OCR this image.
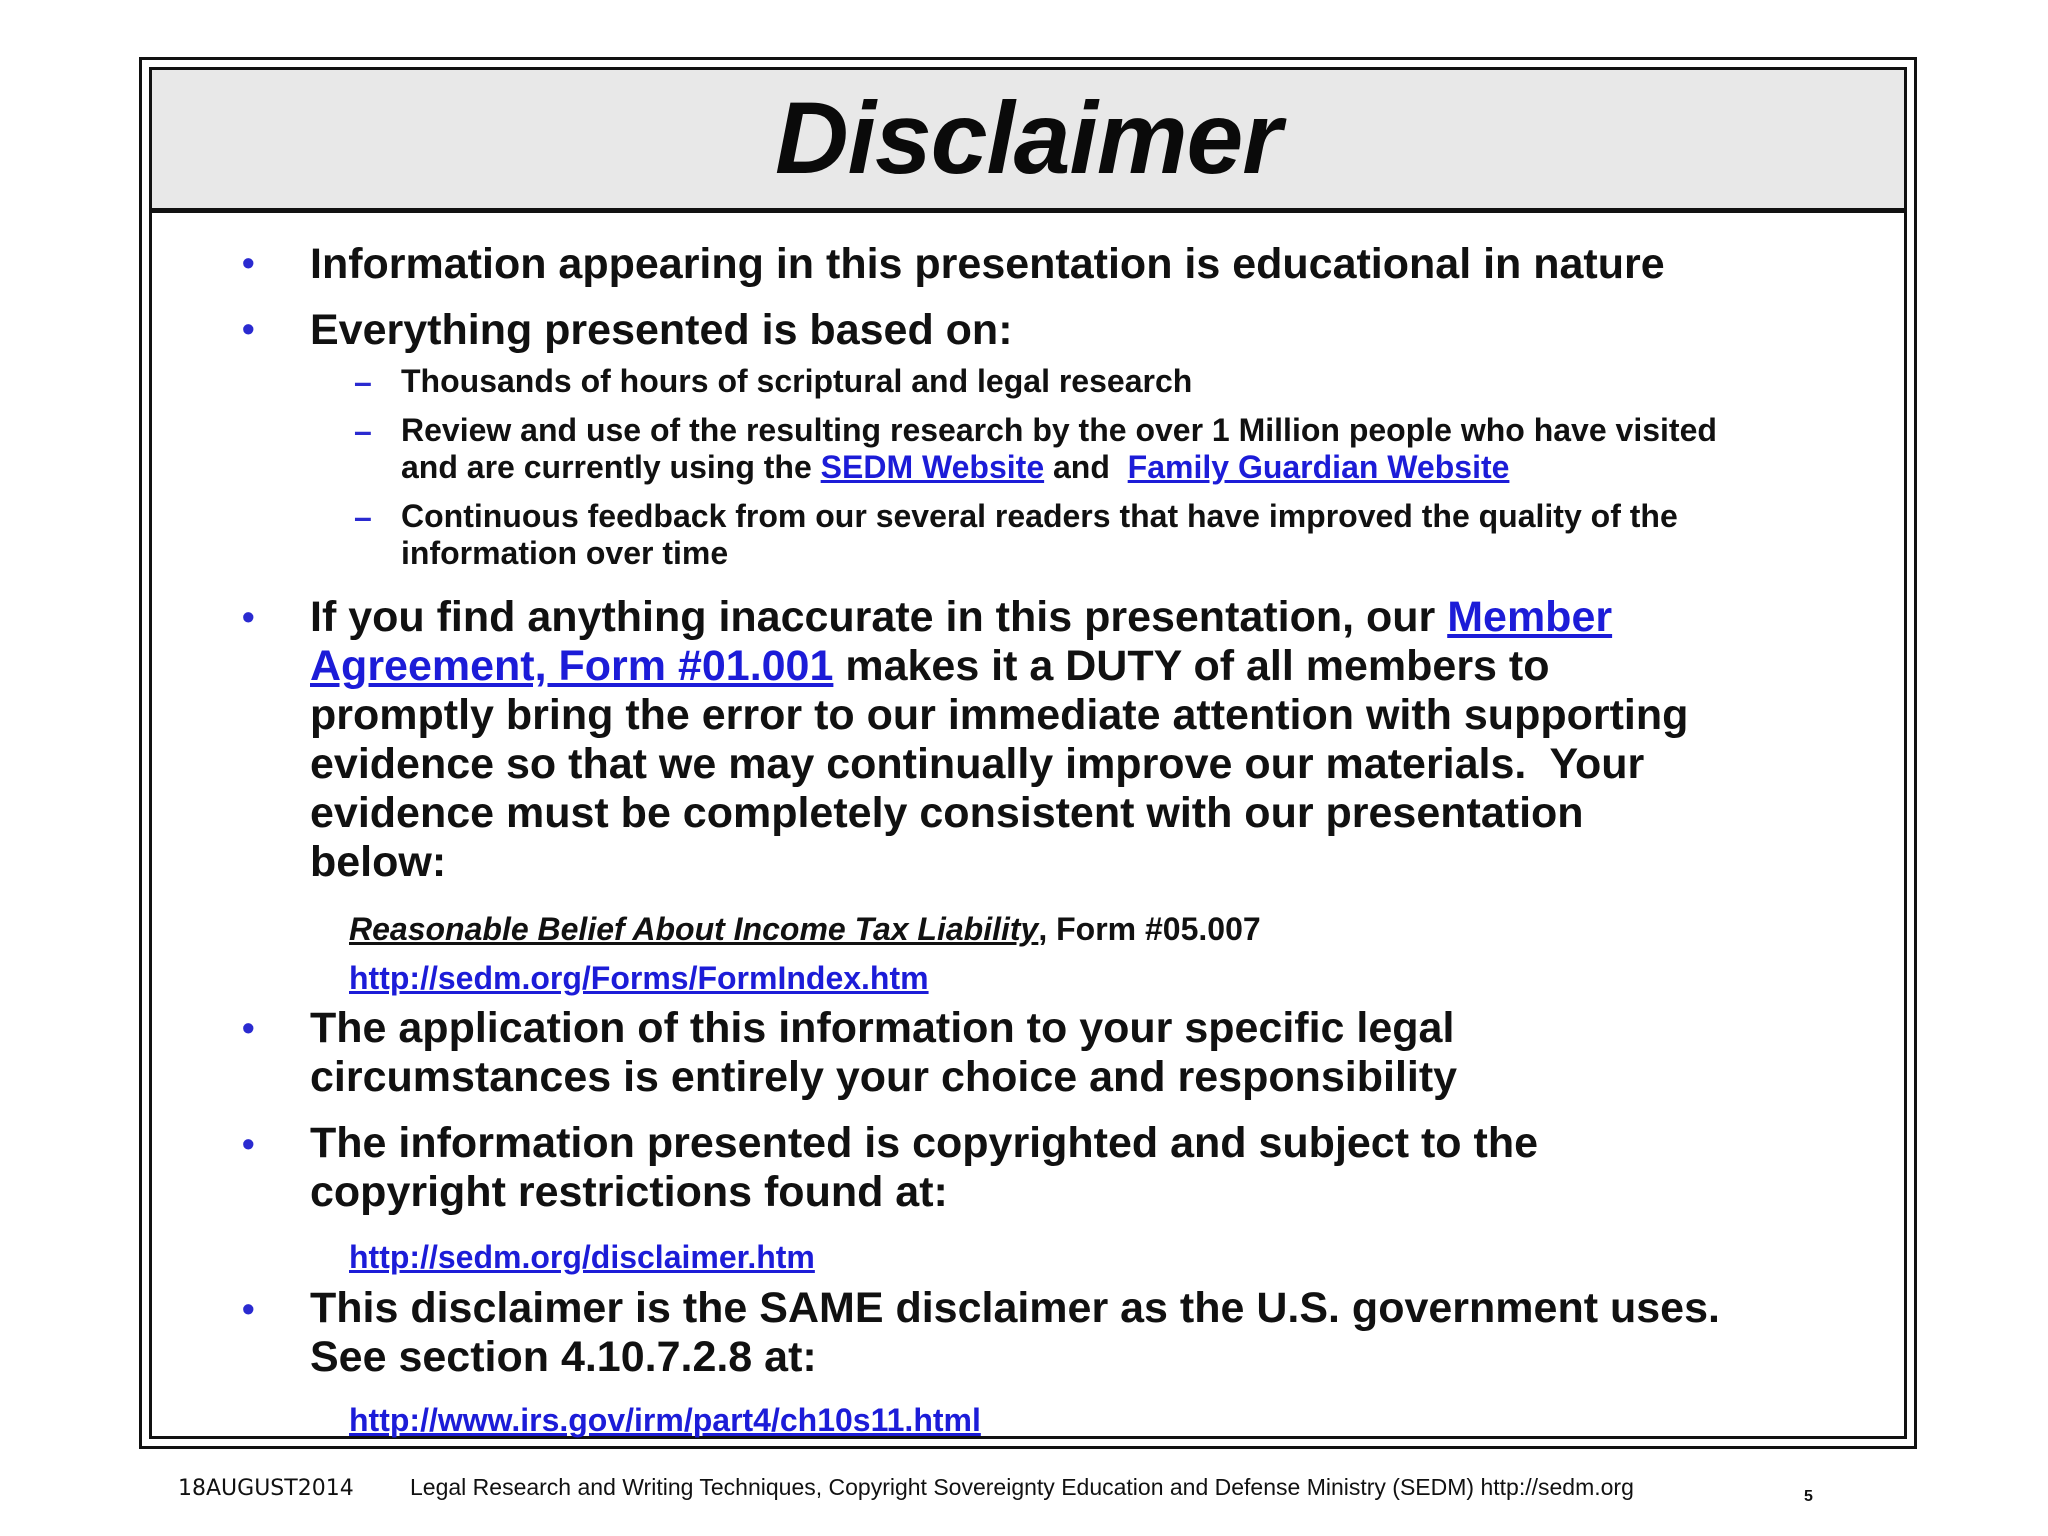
Disclaimer
• Information appearing in this presentation is educational in nature
• Everything presented is based on:
– Thousands of hours of scriptural and legal research
– Review and use of the resulting research by the over 1 Million people who have visited
and are currently using the SEDM Website and  Family Guardian Website
– Continuous feedback from our several readers that have improved the quality of the
information over time
• If you find anything inaccurate in this presentation, our Member
Agreement, Form #01.001 makes it a DUTY of all members to
promptly bring the error to our immediate attention with supporting
evidence so that we may continually improve our materials.  Your
evidence must be completely consistent with our presentation
below:
Reasonable Belief About Income Tax Liability, Form #05.007
http://sedm.org/Forms/FormIndex.htm
• The application of this information to your specific legal
circumstances is entirely your choice and responsibility
• The information presented is copyrighted and subject to the
copyright restrictions found at:
http://sedm.org/disclaimer.htm
• This disclaimer is the SAME disclaimer as the U.S. government uses.
See section 4.10.7.2.8 at:
http://www.irs.gov/irm/part4/ch10s11.html
18AUGUST2014 Legal Research and Writing Techniques, Copyright Sovereignty Education and Defense Ministry (SEDM) http://sedm.org	5
